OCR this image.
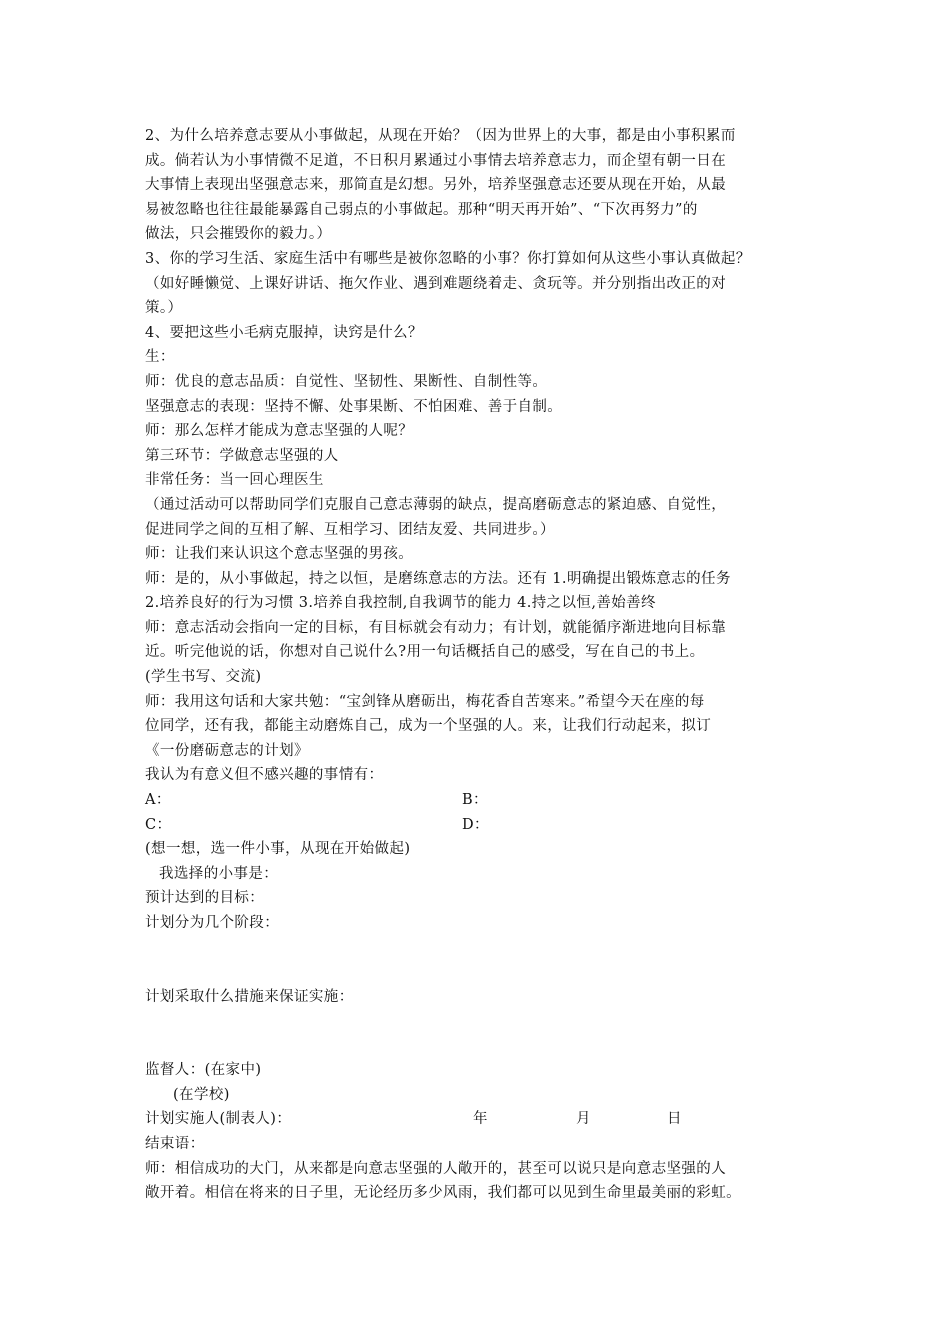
2、为什么培养意志要从小事做起，从现在开始？（因为世界上的大事，都是由小事积累而
成。倘若认为小事情微不足道，不日积月累通过小事情去培养意志力，而企望有朝一日在
大事情上表现出坚强意志来，那简直是幻想。另外，培养坚强意志还要从现在开始，从最
易被忽略也往往最能暴露自己弱点的小事做起。那种“明天再开始”、“下次再努力”的
做法，只会摧毁你的毅力。）
3、你的学习生活、家庭生活中有哪些是被你忽略的小事？你打算如何从这些小事认真做起？
（如好睡懒觉、上课好讲话、拖欠作业、遇到难题绕着走、贪玩等。并分别指出改正的对
策。）
4、要把这些小毛病克服掉，诀窍是什么？
生：
师：优良的意志品质：自觉性、坚韧性、果断性、自制性等。
坚强意志的表现：坚持不懈、处事果断、不怕困难、善于自制。
师：那么怎样才能成为意志坚强的人呢？
第三环节：学做意志坚强的人
非常任务：当一回心理医生
（通过活动可以帮助同学们克服自己意志薄弱的缺点，提高磨砺意志的紧迫感、自觉性，
促进同学之间的互相了解、互相学习、团结友爱、共同进步。）
师：让我们来认识这个意志坚强的男孩。
师：是的，从小事做起，持之以恒，是磨练意志的方法。还有 1.明确提出锻炼意志的任务
2.培养良好的行为习惯 3.培养自我控制,自我调节的能力 4.持之以恒,善始善终
师：意志活动会指向一定的目标，有目标就会有动力；有计划，就能循序渐进地向目标靠
近。听完他说的话，你想对自己说什么?用一句话概括自己的感受，写在自己的书上。
(学生书写、交流)
师：我用这句话和大家共勉：“宝剑锋从磨砺出，梅花香自苦寒来。”希望今天在座的每
位同学，还有我，都能主动磨炼自己，成为一个坚强的人。来，让我们行动起来，拟订
《一份磨砺意志的计划》
我认为有意义但不感兴趣的事情有：
A：	B：
C：	D：
(想一想，选一件小事，从现在开始做起)
我选择的小事是：
预计达到的目标：
计划分为几个阶段：
计划采取什么措施来保证实施：
监督人：(在家中)
(在学校)
计划实施人(制表人)：	年	月	日
结束语：
师：相信成功的大门，从来都是向意志坚强的人敞开的，甚至可以说只是向意志坚强的人
敞开着。相信在将来的日子里，无论经历多少风雨，我们都可以见到生命里最美丽的彩虹。
